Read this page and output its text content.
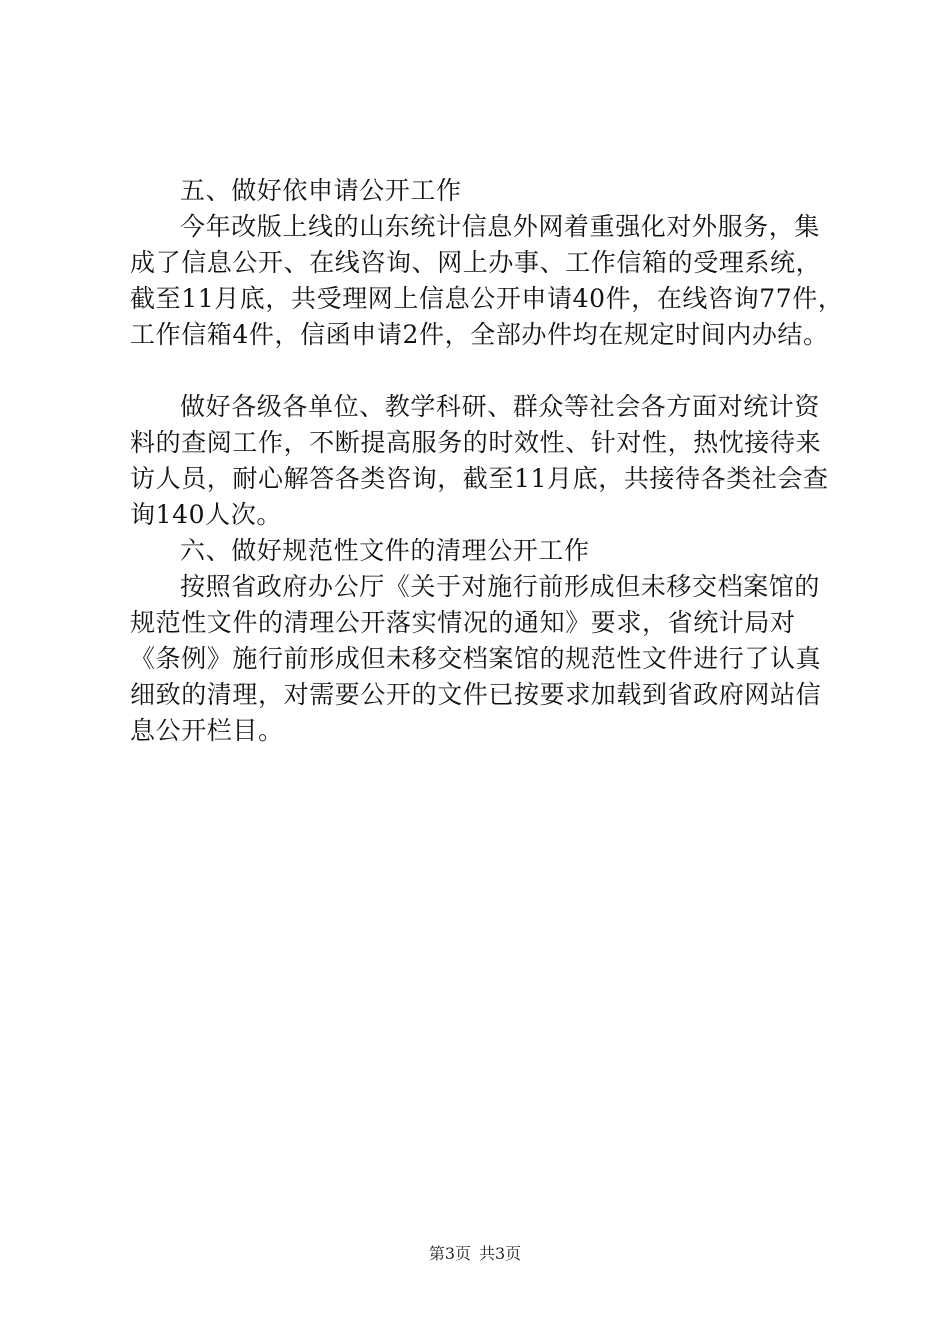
五、做好依申请公开工作
今年改版上线的山东统计信息外网着重强化对外服务，集
成了信息公开、在线咨询、网上办事、工作信箱的受理系统，
截至11月底，共受理网上信息公开申请40件，在线咨询77件，
工作信箱4件，信函申请2件，全部办件均在规定时间内办结。
做好各级各单位、教学科研、群众等社会各方面对统计资
料的查阅工作，不断提高服务的时效性、针对性，热忱接待来
访人员，耐心解答各类咨询，截至11月底，共接待各类社会查
询140人次。
六、做好规范性文件的清理公开工作
按照省政府办公厅《关于对施行前形成但未移交档案馆的
规范性文件的清理公开落实情况的通知》要求，省统计局对
《条例》施行前形成但未移交档案馆的规范性文件进行了认真
细致的清理，对需要公开的文件已按要求加载到省政府网站信
息公开栏目。
第3页 共3页
